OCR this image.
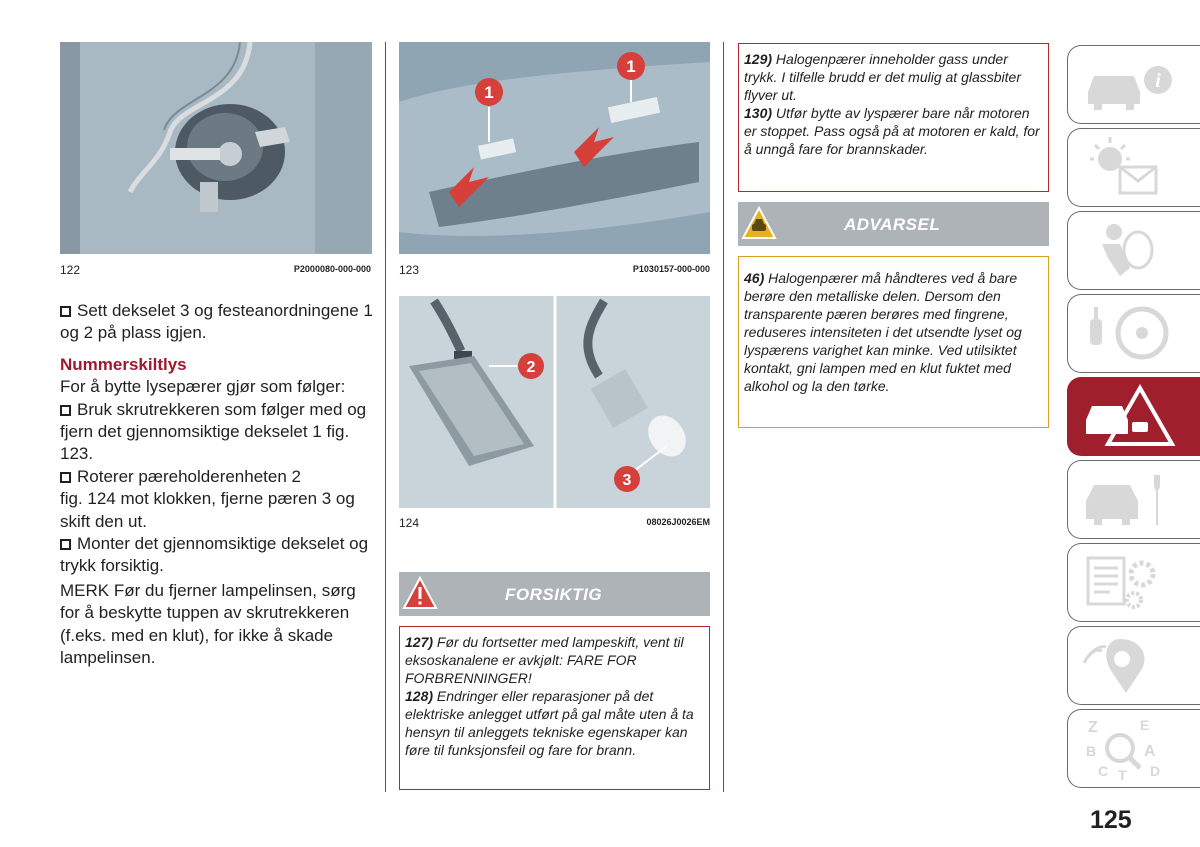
122	P2000080-000-000
1
1
123	P1030157-000-000
2
3
124	08026J0026EM

Sett dekselet 3 og festeanordningene 1 og 2 på plass igjen.

Nummerskiltlys

For å bytte lysepærer gjør som følger:

Bruk skrutrekkeren som følger med og fjern det gjennomsiktige dekselet 1 fig. 123.

Roterer pæreholderenheten 2
fig. 124 mot klokken, fjerne pæren 3 og skift den ut.

Monter det gjennomsiktige dekselet og trykk forsiktig.

MERK Før du fjerner lampelinsen, sørg for å beskytte tuppen av skrutrekkeren (f.eks. med en klut), for ikke å skade lampelinsen.

FORSIKTIG
127) Før du fortsetter med lampeskift, vent til eksoskanalene er avkjølt: FARE FOR FORBRENNINGER!
128) Endringer eller reparasjoner på det elektriske anlegget utført på gal måte uten å ta hensyn til anleggets tekniske egenskaper kan føre til funksjonsfeil og fare for brann.
129) Halogenpærer inneholder gass under trykk. I tilfelle brudd er det mulig at glassbiter flyver ut.
130) Utfør bytte av lyspærer bare når motoren er stoppet. Pass også på at motoren er kald, for å unngå fare for brannskader.
ADVARSEL
46) Halogenpærer må håndteres ved å bare berøre den metalliske delen. Dersom den transparente pæren berøres med fingrene, reduseres intensiteten i det utsendte lyset og lyspærens varighet kan minke. Ved utilsiktet kontakt, gni lampen med en klut fuktet med alkohol og la den tørke.
i
Z	E
B	A
C T D
125
